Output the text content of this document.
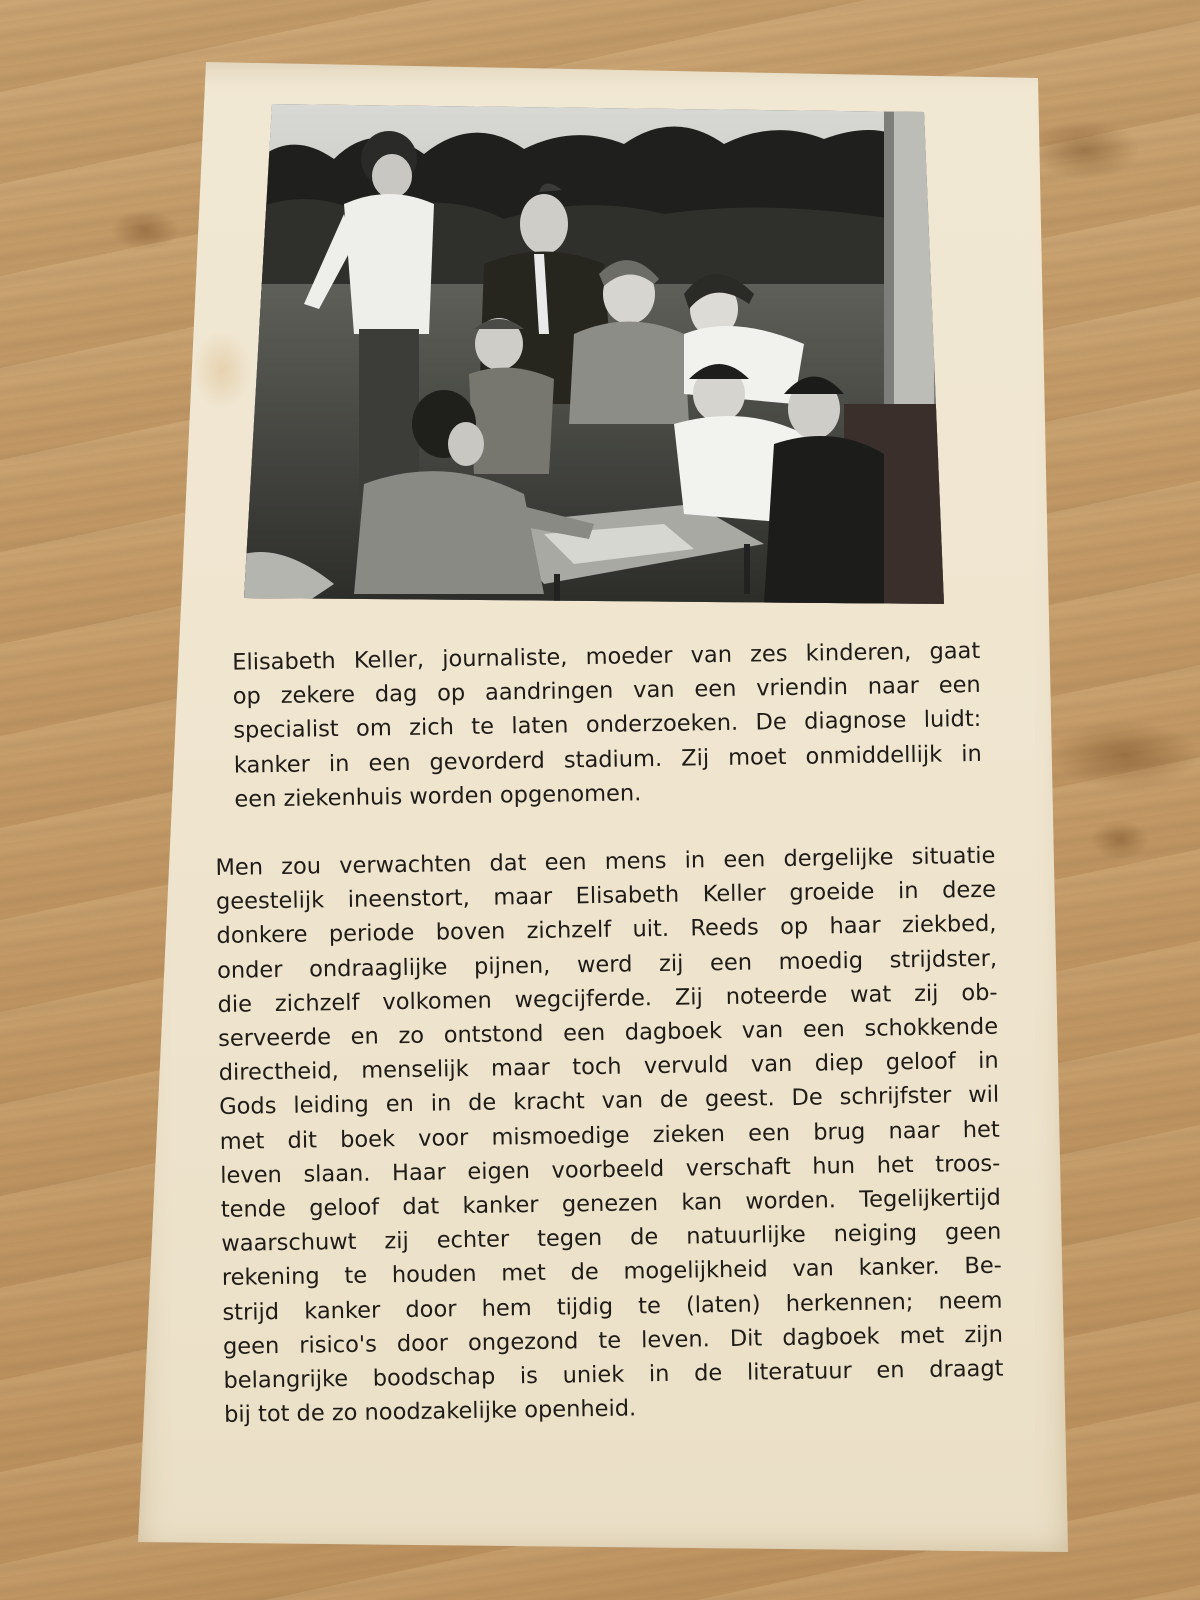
Elisabeth Keller, journaliste, moeder van zes kinderen, gaat
op zekere dag op aandringen van een vriendin naar een
specialist om zich te laten onderzoeken. De diagnose luidt:
kanker in een gevorderd stadium. Zij moet onmiddellijk in
een ziekenhuis worden opgenomen.

Men zou verwachten dat een mens in een dergelijke situatie
geestelijk ineenstort, maar Elisabeth Keller groeide in deze
donkere periode boven zichzelf uit. Reeds op haar ziekbed,
onder ondraaglijke pijnen, werd zij een moedig strijdster,
die zichzelf volkomen wegcijferde. Zij noteerde wat zij ob-
serveerde en zo ontstond een dagboek van een schokkende
directheid, menselijk maar toch vervuld van diep geloof in
Gods leiding en in de kracht van de geest. De schrijfster wil
met dit boek voor mismoedige zieken een brug naar het
leven slaan. Haar eigen voorbeeld verschaft hun het troos-
tende geloof dat kanker genezen kan worden. Tegelijkertijd
waarschuwt zij echter tegen de natuurlijke neiging geen
rekening te houden met de mogelijkheid van kanker. Be-
strijd kanker door hem tijdig te (laten) herkennen; neem
geen risico's door ongezond te leven. Dit dagboek met zijn
belangrijke boodschap is uniek in de literatuur en draagt
bij tot de zo noodzakelijke openheid.
